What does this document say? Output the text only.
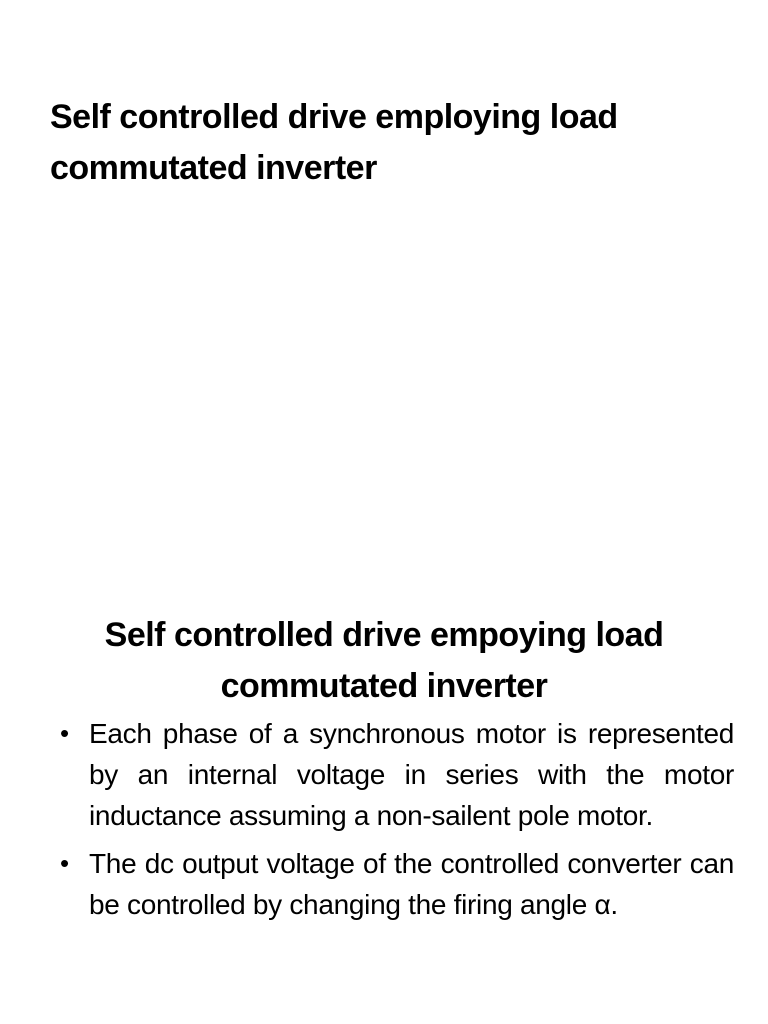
Self controlled drive employing load commutated inverter
Self controlled drive empoying load commutated inverter
• Each phase of a synchronous motor is represented by an internal voltage in series with the motor inductance assuming a non-sailent pole motor.
• The dc output voltage of the controlled converter can be controlled by changing the firing angle α.
